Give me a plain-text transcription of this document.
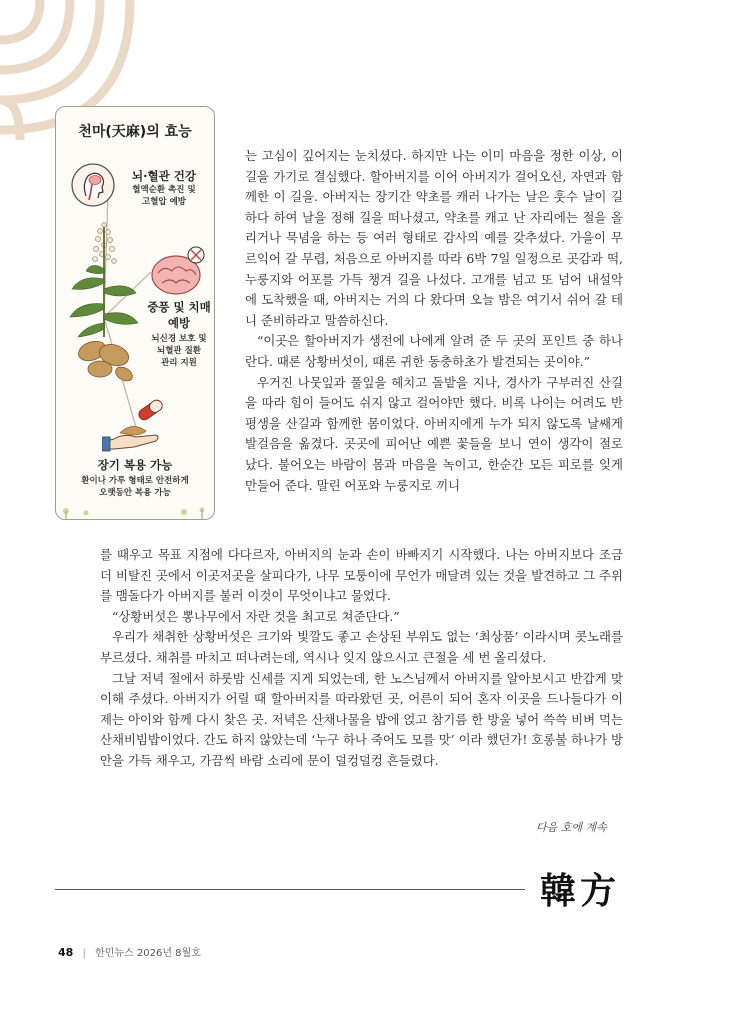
천마(天麻)의 효능
뇌·혈관 건강
혈액순환 촉진 및
고혈압 예방
중풍 및 치매 예방
뇌신경 보호 및
뇌혈관 질환
관리 지원
장기 복용 가능
환이나 가루 형태로 안전하게
오랫동안 복용 가능

는 고심이 깊어지는 눈치셨다. 하지만 나는 이미 마음을 정한 이상, 이 길을 가기로 결심했다. 할아버지를 이어 아버지가 걸어오신, 자연과 함께한 이 길을. 아버지는 장기간 약초를 캐러 나가는 날은 훗수 날이 길하다 하여 날을 정해 길을 떠나셨고, 약초를 캐고 난 자리에는 절을 올리거나 묵념을 하는 등 여러 형태로 감사의 예를 갖추셨다. 가을이 무르익어 갈 무렵, 처음으로 아버지를 따라 6박 7일 일정으로 곳감과 떡, 누룽지와 어포를 가득 챙겨 길을 나섰다. 고개를 넘고 또 넘어 내설악에 도착했을 때, 아버지는 거의 다 왔다며 오늘 밤은 여기서 쉬어 갈 테니 준비하라고 말씀하신다.

“이곳은 할아버지가 생전에 나에게 알려 준 두 곳의 포인트 중 하나란다. 때론 상황버섯이, 때론 귀한 동충하초가 발견되는 곳이야.”

우거진 나뭇잎과 풀잎을 헤치고 돌밭을 지나, 경사가 구부러진 산길을 따라 힘이 들어도 쉬지 않고 걸어야만 했다. 비록 나이는 어려도 반평생을 산길과 함께한 몸이었다. 아버지에게 누가 되지 않도록 날쌔게 발걸음을 옮겼다. 곳곳에 피어난 예쁜 꽃들을 보니 연이 생각이 절로 났다. 불어오는 바람이 몸과 마음을 녹이고, 한순간 모든 피로를 잊게 만들어 준다. 말린 어포와 누룽지로 끼니

를 때우고 목표 지점에 다다르자, 아버지의 눈과 손이 바빠지기 시작했다. 나는 아버지보다 조금 더 비탈진 곳에서 이곳저곳을 살피다가, 나무 모퉁이에 무언가 매달려 있는 것을 발견하고 그 주위를 맴돌다가 아버지를 불러 이것이 무엇이냐고 물었다.

“상황버섯은 뽕나무에서 자란 것을 최고로 쳐준단다.”

우리가 채취한 상황버섯은 크기와 빛깔도 좋고 손상된 부위도 없는 ‘최상품’ 이라시며 콧노래를 부르셨다. 채취를 마치고 떠나려는데, 역시나 잊지 않으시고 큰절을 세 번 올리셨다.

그날 저녁 절에서 하룻밤 신세를 지게 되었는데, 한 노스님께서 아버지를 알아보시고 반갑게 맞이해 주셨다. 아버지가 어릴 때 할아버지를 따라왔던 곳, 어른이 되어 혼자 이곳을 드나들다가 이제는 아이와 함께 다시 찾은 곳. 저녁은 산채나물을 밥에 얹고 참기름 한 방울 넣어 쓱쓱 비벼 먹는 산채비빔밥이었다. 간도 하지 않았는데 ‘누구 하나 죽어도 모를 맛’ 이라 했던가! 호롱불 하나가 방 안을 가득 채우고, 가끔씩 바람 소리에 문이 덜컹덜컹 흔들렸다.

다음 호에 계속
韓方
48 | 한민뉴스 2026년 8월호
